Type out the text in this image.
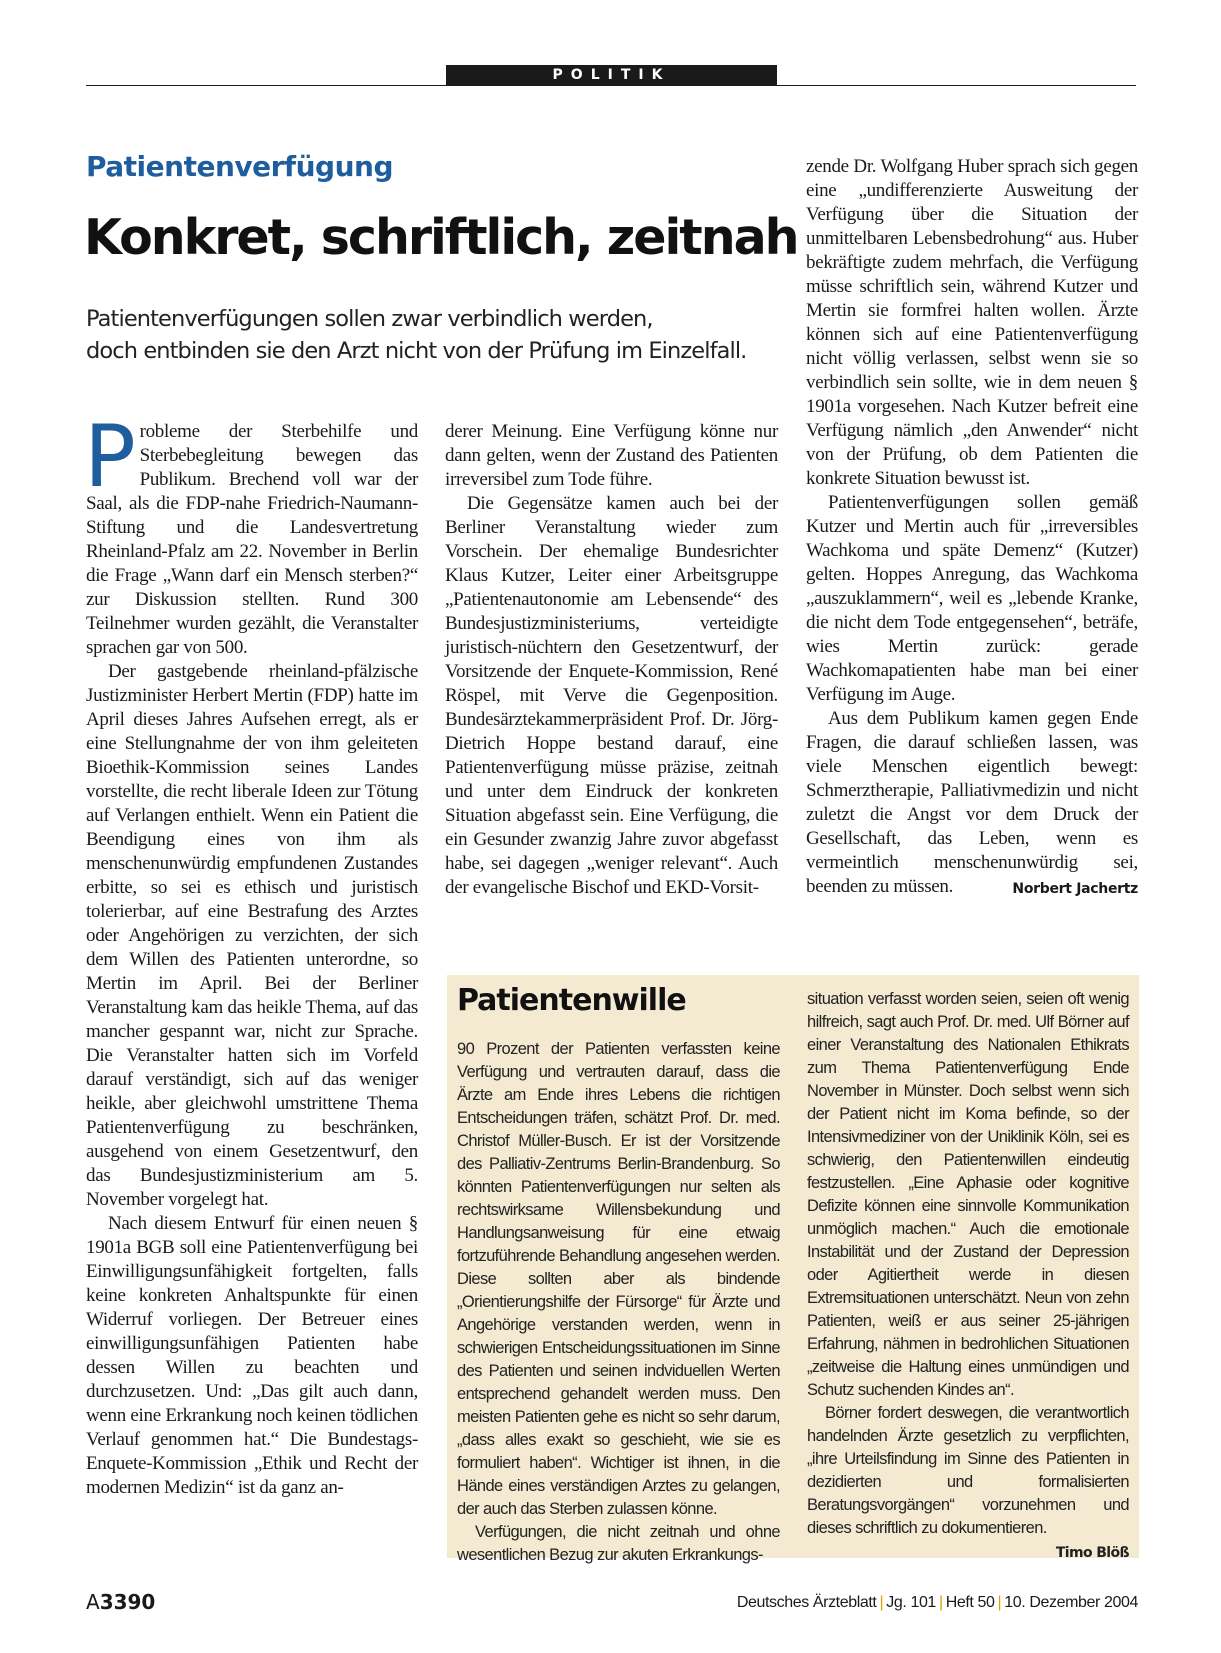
POLITIK
Patientenverfügung
Konkret, schriftlich, zeitnah
Patientenverfügungen sollen zwar verbindlich werden,
doch entbinden sie den Arzt nicht von der Prüfung im Einzelfall.

Probleme der Sterbehilfe und Sterbebegleitung bewegen das Publikum. Brechend voll war der Saal, als die FDP-nahe Friedrich-Naumann-Stiftung und die Landesvertretung Rheinland-Pfalz am 22. November in Berlin die Frage „Wann darf ein Mensch sterben?“ zur Diskussion stellten. Rund 300 Teilnehmer wurden gezählt, die Veranstalter sprachen gar von 500.

Der gastgebende rheinland-pfälzische Justizminister Herbert Mertin (FDP) hatte im April dieses Jahres Aufsehen erregt, als er eine Stellungnahme der von ihm geleiteten Bioethik-Kommission seines Landes vorstellte, die recht liberale Ideen zur Tötung auf Verlangen enthielt. Wenn ein Patient die Beendigung eines von ihm als menschenunwürdig empfundenen Zustandes erbitte, so sei es ethisch und juristisch tolerierbar, auf eine Bestrafung des Arztes oder Angehörigen zu verzichten, der sich dem Willen des Patienten unterordne, so Mertin im April. Bei der Berliner Veranstaltung kam das heikle Thema, auf das mancher gespannt war, nicht zur Sprache. Die Veranstalter hatten sich im Vorfeld darauf verständigt, sich auf das weniger heikle, aber gleichwohl umstrittene Thema Patientenverfügung zu beschränken, ausgehend von einem Gesetzentwurf, den das Bundesjustizministerium am 5. November vorgelegt hat.

Nach diesem Entwurf für einen neuen § 1901a BGB soll eine Patientenverfügung bei Einwilligungsunfähigkeit fortgelten, falls keine konkreten Anhaltspunkte für einen Widerruf vorliegen. Der Betreuer eines einwilligungsunfähigen Patienten habe dessen Willen zu beachten und durchzusetzen. Und: „Das gilt auch dann, wenn eine Erkrankung noch keinen tödlichen Verlauf genommen hat.“ Die Bundestags-Enquete-Kommission „Ethik und Recht der modernen Medizin“ ist da ganz an-

derer Meinung. Eine Verfügung könne nur dann gelten, wenn der Zustand des Patienten irreversibel zum Tode führe.

Die Gegensätze kamen auch bei der Berliner Veranstaltung wieder zum Vorschein. Der ehemalige Bundesrichter Klaus Kutzer, Leiter einer Arbeitsgruppe „Patientenautonomie am Lebensende“ des Bundesjustizministeriums, verteidigte juristisch-nüchtern den Gesetzentwurf, der Vorsitzende der Enquete-Kommission, René Röspel, mit Verve die Gegenposition. Bundesärztekammerpräsident Prof. Dr. Jörg-Dietrich Hoppe bestand darauf, eine Patientenverfügung müsse präzise, zeitnah und unter dem Eindruck der konkreten Situation abgefasst sein. Eine Verfügung, die ein Gesunder zwanzig Jahre zuvor abgefasst habe, sei dagegen „weniger relevant“. Auch der evangelische Bischof und EKD-Vorsit-

zende Dr. Wolfgang Huber sprach sich gegen eine „undifferenzierte Ausweitung der Verfügung über die Situation der unmittelbaren Lebensbedrohung“ aus. Huber bekräftigte zudem mehrfach, die Verfügung müsse schriftlich sein, während Kutzer und Mertin sie formfrei halten wollen. Ärzte können sich auf eine Patientenverfügung nicht völlig verlassen, selbst wenn sie so verbindlich sein sollte, wie in dem neuen § 1901a vorgesehen. Nach Kutzer befreit eine Verfügung nämlich „den Anwender“ nicht von der Prüfung, ob dem Patienten die konkrete Situation bewusst ist.

Patientenverfügungen sollen gemäß Kutzer und Mertin auch für „irreversibles Wachkoma und späte Demenz“ (Kutzer) gelten. Hoppes Anregung, das Wachkoma „auszuklammern“, weil es „lebende Kranke, die nicht dem Tode entgegensehen“, beträfe, wies Mertin zurück: gerade Wachkomapatienten habe man bei einer Verfügung im Auge.

Aus dem Publikum kamen gegen Ende Fragen, die darauf schließen lassen, was viele Menschen eigentlich bewegt: Schmerztherapie, Palliativmedizin und nicht zuletzt die Angst vor dem Druck der Gesellschaft, das Leben, wenn es vermeintlich menschenunwürdig sei, beenden zu müssen.	Norbert Jachertz

Patientenwille

90 Prozent der Patienten verfassten keine Verfügung und vertrauten darauf, dass die Ärzte am Ende ihres Lebens die richtigen Entscheidungen träfen, schätzt Prof. Dr. med. Christof Müller-Busch. Er ist der Vorsitzende des Palliativ-Zentrums Berlin-Brandenburg. So könnten Patientenverfügungen nur selten als rechtswirksame Willensbekundung und Handlungsanweisung für eine etwaig fortzuführende Behandlung angesehen werden. Diese sollten aber als bindende „Orientierungshilfe der Fürsorge“ für Ärzte und Angehörige verstanden werden, wenn in schwierigen Entscheidungssituationen im Sinne des Patienten und seinen indviduellen Werten entsprechend gehandelt werden muss. Den meisten Patienten gehe es nicht so sehr darum, „dass alles exakt so geschieht, wie sie es formuliert haben“. Wichtiger ist ihnen, in die Hände eines verständigen Arztes zu gelangen, der auch das Sterben zulassen könne.

Verfügungen, die nicht zeitnah und ohne wesentlichen Bezug zur akuten Erkrankungs-

situation verfasst worden seien, seien oft wenig hilfreich, sagt auch Prof. Dr. med. Ulf Börner auf einer Veranstaltung des Nationalen Ethikrats zum Thema Patientenverfügung Ende November in Münster. Doch selbst wenn sich der Patient nicht im Koma befinde, so der Intensivmediziner von der Uniklinik Köln, sei es schwierig, den Patientenwillen eindeutig festzustellen. „Eine Aphasie oder kognitive Defizite können eine sinnvolle Kommunikation unmöglich machen.“ Auch die emotionale Instabilität und der Zustand der Depression oder Agitiertheit werde in diesen Extremsituationen unterschätzt. Neun von zehn Patienten, weiß er aus seiner 25-jährigen Erfahrung, nähmen in bedrohlichen Situationen „zeitweise die Haltung eines unmündigen und Schutz suchenden Kindes an“.

Börner fordert deswegen, die verantwortlich handelnden Ärzte gesetzlich zu verpflichten, „ihre Urteilsfindung im Sinne des Patienten in dezidierten und formalisierten Beratungsvorgängen“ vorzunehmen und dieses schriftlich zu dokumentieren.
Timo Blöß

A3390	Deutsches Ärzteblatt | Jg. 101 | Heft 50 | 10. Dezember 2004
